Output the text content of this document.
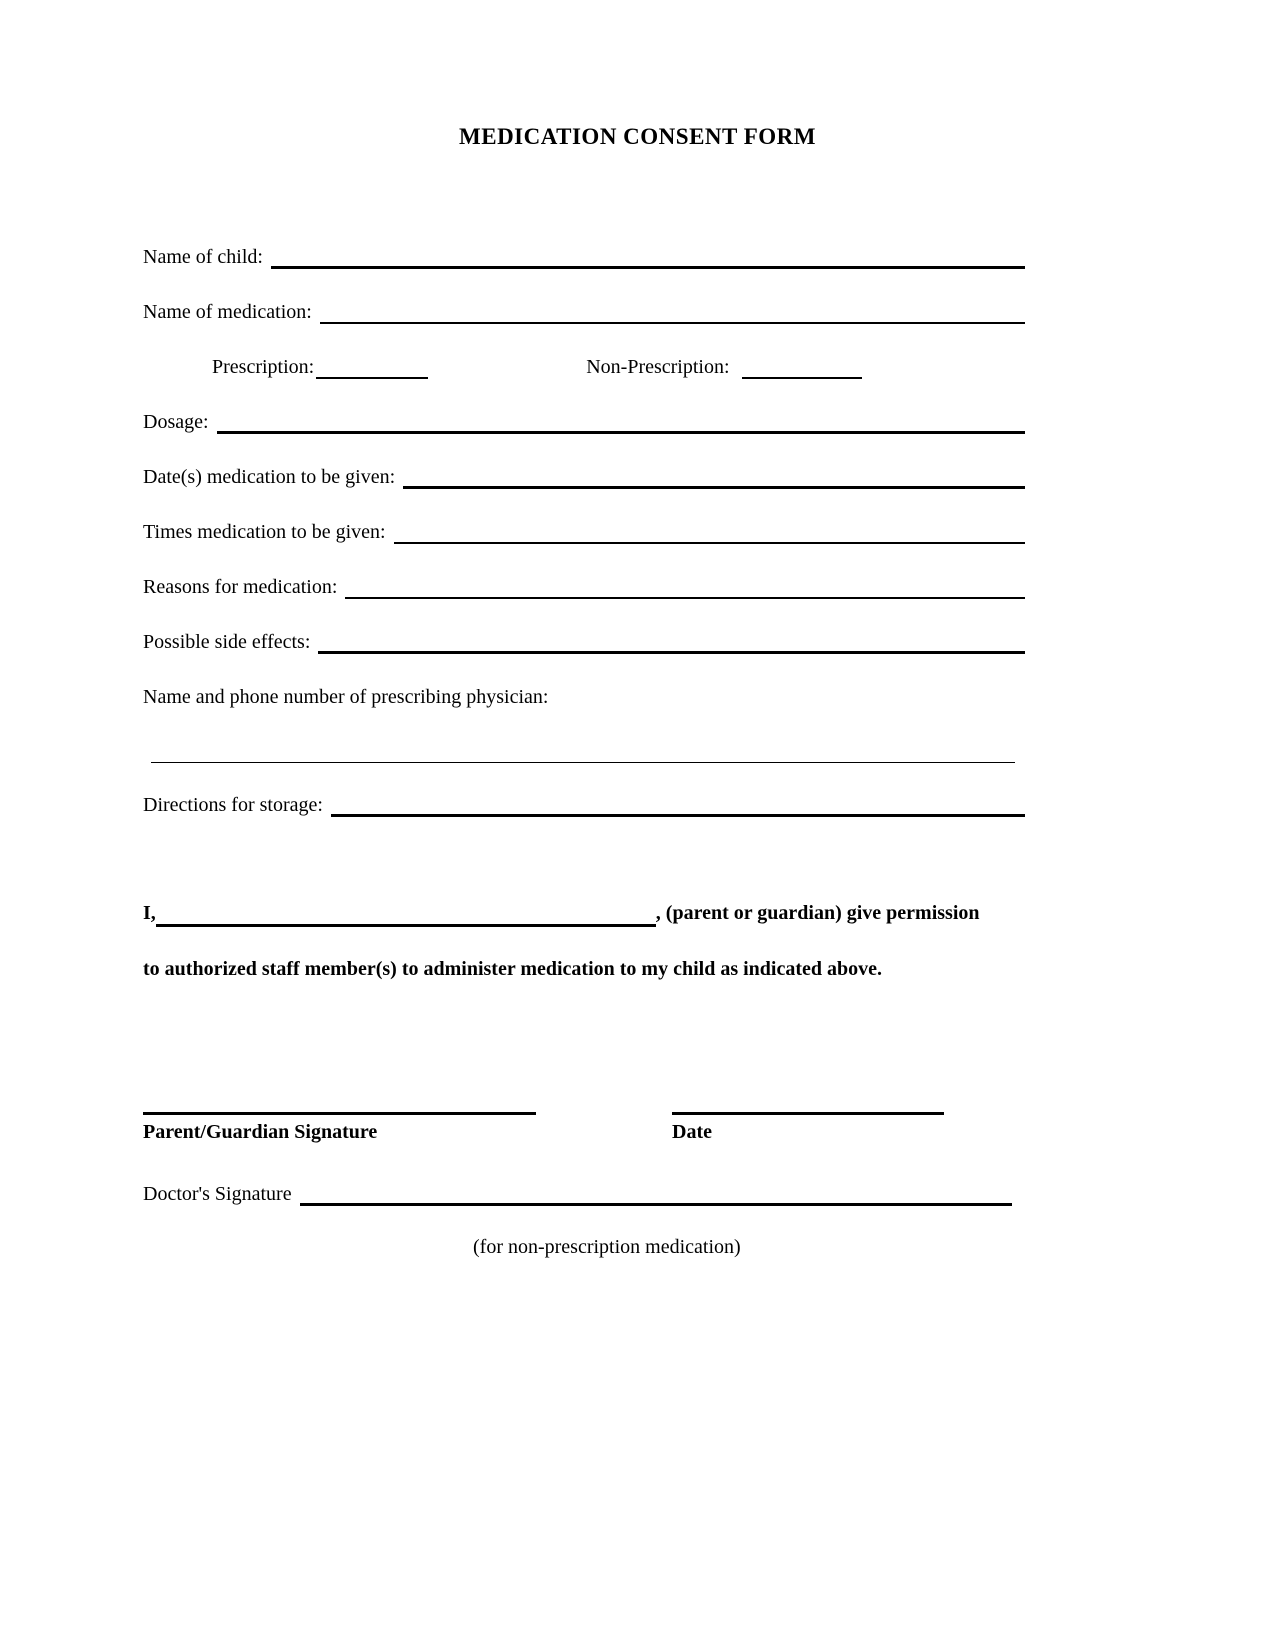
MEDICATION CONSENT FORM
Name of child:
Name of medication:
Prescription:	Non-Prescription:
Dosage:
Date(s) medication to be given:
Times medication to be given:
Reasons for medication:
Possible side effects:
Name and phone number of prescribing physician:
Directions for storage:

I,	, (parent or guardian) give permission

to authorized staff member(s) to administer medication to my child as indicated above.

Parent/Guardian Signature	Date
Doctor's Signature
(for non-prescription medication)
